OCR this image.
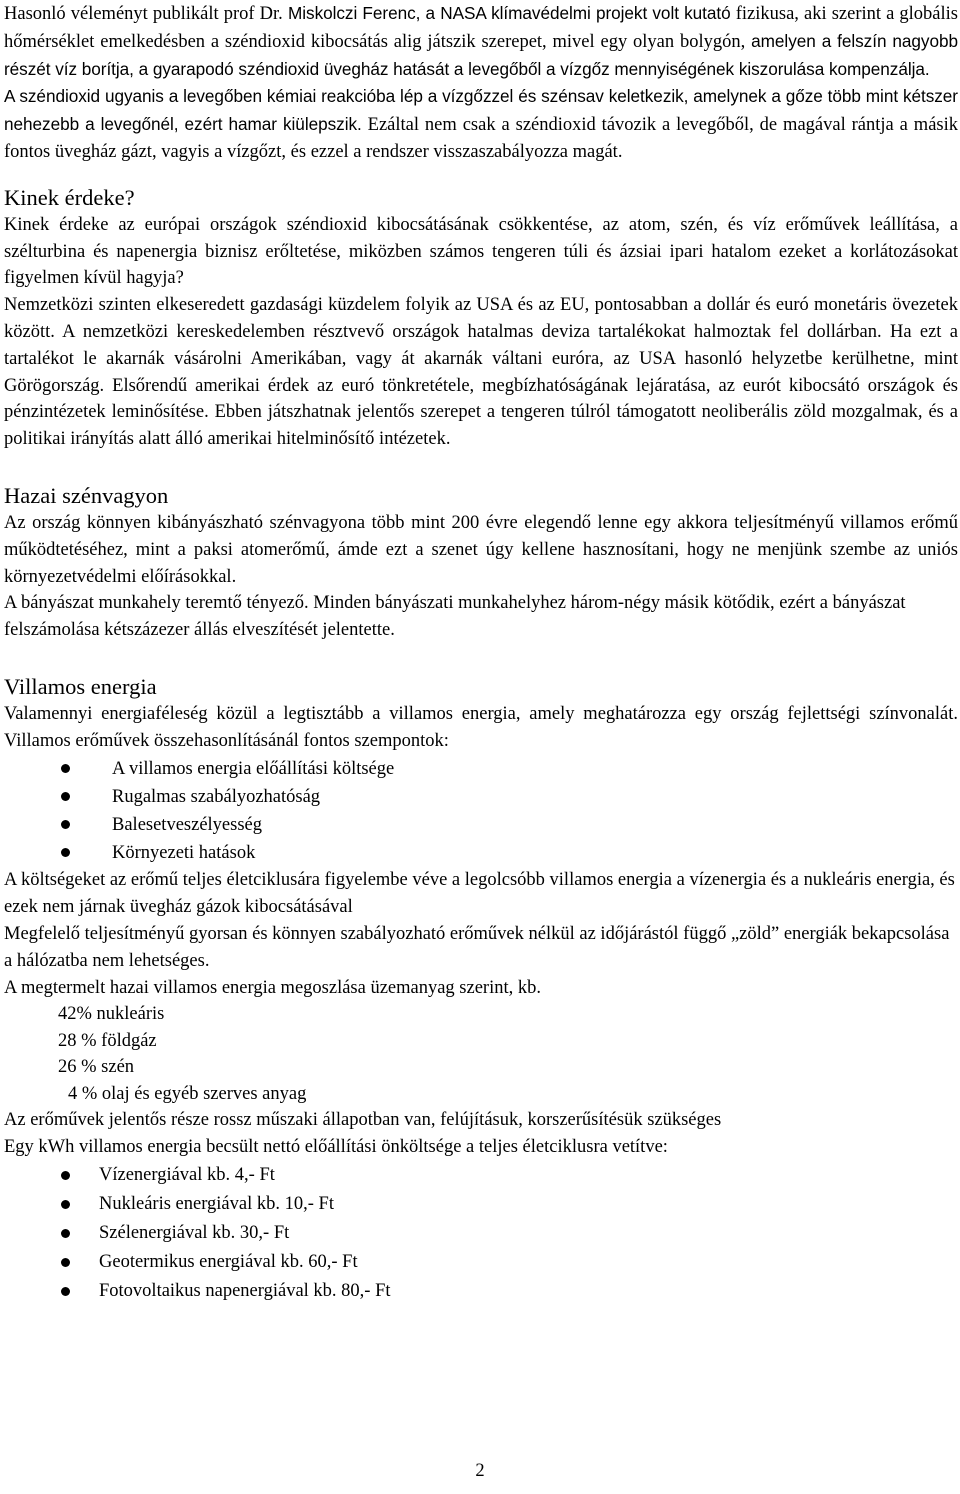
Hasonló véleményt publikált prof Dr. Miskolczi Ferenc, a NASA klímavédelmi projekt volt kutató fizikusa, aki szerint a globális hőmérséklet emelkedésben a széndioxid kibocsátás alig játszik szerepet, mivel egy olyan bolygón, amelyen a felszín nagyobb részét víz borítja, a gyarapodó széndioxid üvegház hatását a levegőből a vízgőz mennyiségének kiszorulása kompenzálja.

A széndioxid ugyanis a levegőben kémiai reakcióba lép a vízgőzzel és szénsav keletkezik, amelynek a gőze több mint kétszer nehezebb a levegőnél, ezért hamar kiülepszik. Ezáltal nem csak a széndioxid távozik a levegőből, de magával rántja a másik fontos üvegház gázt, vagyis a vízgőzt, és ezzel a rendszer visszaszabályozza magát.

Kinek érdeke?

Kinek érdeke az európai országok széndioxid kibocsátásának csökkentése, az atom, szén, és víz erőművek leállítása, a szélturbina és napenergia biznisz erőltetése, miközben számos tengeren túli és ázsiai ipari hatalom ezeket a korlátozásokat figyelmen kívül hagyja?

Nemzetközi szinten elkeseredett gazdasági küzdelem folyik az USA és az EU, pontosabban a dollár és euró monetáris övezetek között. A nemzetközi kereskedelemben résztvevő országok hatalmas deviza tartalékokat halmoztak fel dollárban. Ha ezt a tartalékot le akarnák vásárolni Amerikában, vagy át akarnák váltani euróra, az USA hasonló helyzetbe kerülhetne, mint Görögország. Elsőrendű amerikai érdek az euró tönkretétele, megbízhatóságának lejáratása, az eurót kibocsátó országok és pénzintézetek leminősítése. Ebben játszhatnak jelentős szerepet a tengeren túlról támogatott neoliberális zöld mozgalmak, és a politikai irányítás alatt álló amerikai hitelminősítő intézetek.

Hazai szénvagyon

Az ország könnyen kibányászható szénvagyona több mint 200 évre elegendő lenne egy akkora teljesítményű villamos erőmű működtetéséhez, mint a paksi atomerőmű, ámde ezt a szenet úgy kellene hasznosítani, hogy ne menjünk szembe az uniós környezetvédelmi előírásokkal.

A bányászat munkahely teremtő tényező. Minden bányászati munkahelyhez három-négy másik kötődik, ezért a bányászat felszámolása kétszázezer állás elveszítését jelentette.

Villamos energia

Valamennyi energiaféleség közül a legtisztább a villamos energia, amely meghatározza egy ország fejlettségi színvonalát. Villamos erőművek összehasonlításánál fontos szempontok:

A villamos energia előállítási költsége
Rugalmas szabályozhatóság
Balesetveszélyesség
Környezeti hatások

A költségeket az erőmű teljes életciklusára figyelembe véve a legolcsóbb villamos energia a vízenergia és a nukleáris energia, és ezek nem járnak üvegház gázok kibocsátásával

Megfelelő teljesítményű gyorsan és könnyen szabályozható erőművek nélkül az időjárástól függő „zöld” energiák bekapcsolása a hálózatba nem lehetséges.

A megtermelt hazai villamos energia megoszlása üzemanyag szerint, kb.

42% nukleáris

28 % földgáz

26 % szén

4 % olaj és egyéb szerves anyag

Az erőművek jelentős része rossz műszaki állapotban van, felújításuk, korszerűsítésük szükséges

Egy kWh villamos energia becsült nettó előállítási önköltsége a teljes életciklusra vetítve:

Vízenergiával kb. 4,- Ft
Nukleáris energiával kb. 10,- Ft
Szélenergiával kb. 30,- Ft
Geotermikus energiával kb. 60,- Ft
Fotovoltaikus napenergiával kb. 80,- Ft
2
